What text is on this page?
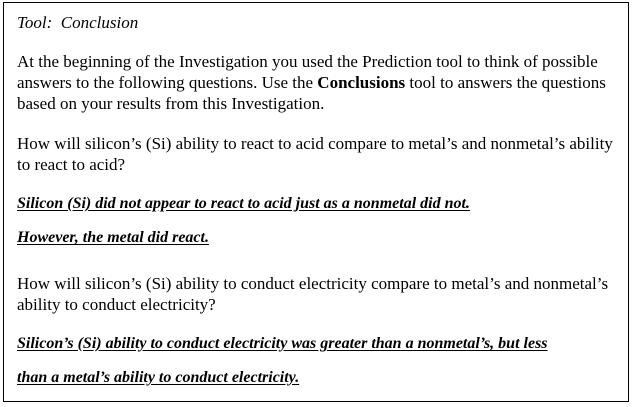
Tool:  Conclusion

At the beginning of the Investigation you used the Prediction tool to think of possible answers to the following questions. Use the Conclusions tool to answers the questions based on your results from this Investigation.

How will silicon’s (Si) ability to react to acid compare to metal’s and nonmetal’s ability to react to acid?

Silicon (Si) did not appear to react to acid just as a nonmetal did not.
However, the metal did react.

How will silicon’s (Si) ability to conduct electricity compare to metal’s and nonmetal’s ability to conduct electricity?

Silicon’s (Si) ability to conduct electricity was greater than a nonmetal’s, but less
than a metal’s ability to conduct electricity.
